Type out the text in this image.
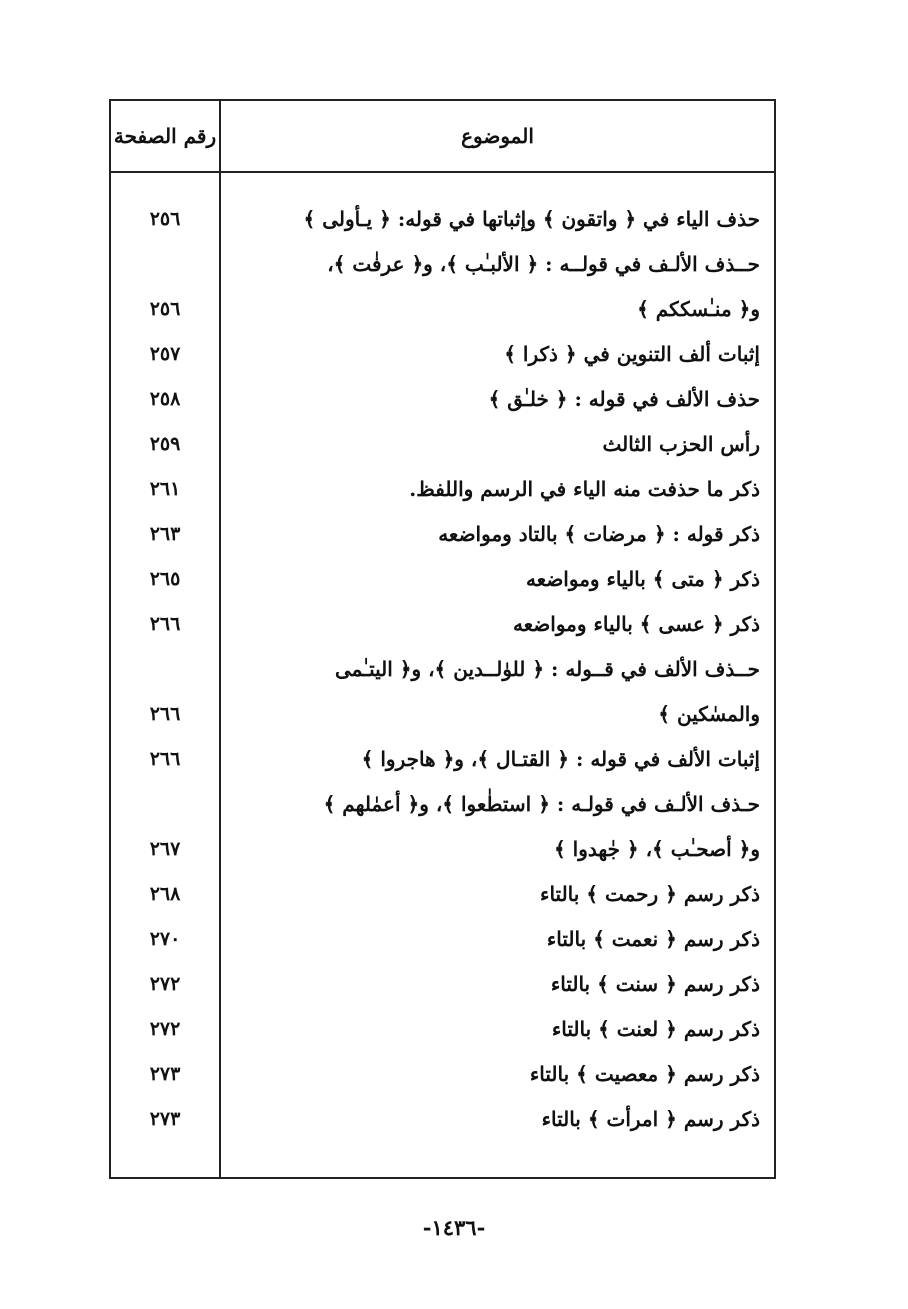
رقم الصفحة	الموضوع
حذف الياء في ﴿ واتقون ﴾ وإثباتها في قوله: ﴿ يـأولى ﴾
٢٥٦
حــذف الألـف في قولــه : ﴿ الألبـٰب ﴾، و﴿ عرفٰت ﴾،
و﴿ منـٰسككم ﴾
٢٥٦
إثبات ألف التنوين في ﴿ ذكرا ﴾
٢٥٧
حذف الألف في قوله : ﴿ خلـٰق ﴾
٢٥٨
رأس الحزب الثالث
٢٥٩
ذكر ما حذفت منه الياء في الرسم واللفظ.
٢٦١
ذكر قوله : ﴿ مرضات ﴾ بالتاد ومواضعه
٢٦٣
ذكر ﴿ متى ﴾ بالياء ومواضعه
٢٦٥
ذكر ﴿ عسى ﴾ بالياء ومواضعه
٢٦٦
حــذف الألف في قــوله : ﴿ للوٰلــدين ﴾، و﴿ اليتـٰمى
والمسٰكين ﴾
٢٦٦
إثبات الألف في قوله : ﴿ القتـال ﴾، و﴿ هاجروا ﴾
٢٦٦
حـذف الألـف في قولـه : ﴿ استطٰعوا ﴾، و﴿ أعمٰلهم ﴾
و﴿ أصحـٰب ﴾، ﴿ جٰهدوا ﴾
٢٦٧
ذكر رسم ﴿ رحمت ﴾ بالتاء
٢٦٨
ذكر رسم ﴿ نعمت ﴾ بالتاء
٢٧٠
ذكر رسم ﴿ سنت ﴾ بالتاء
٢٧٢
ذكر رسم ﴿ لعنت ﴾ بالتاء
٢٧٢
ذكر رسم ﴿ معصيت ﴾ بالتاء
٢٧٣
ذكر رسم ﴿ امرأت ﴾ بالتاء
٢٧٣
-١٤٣٦-
